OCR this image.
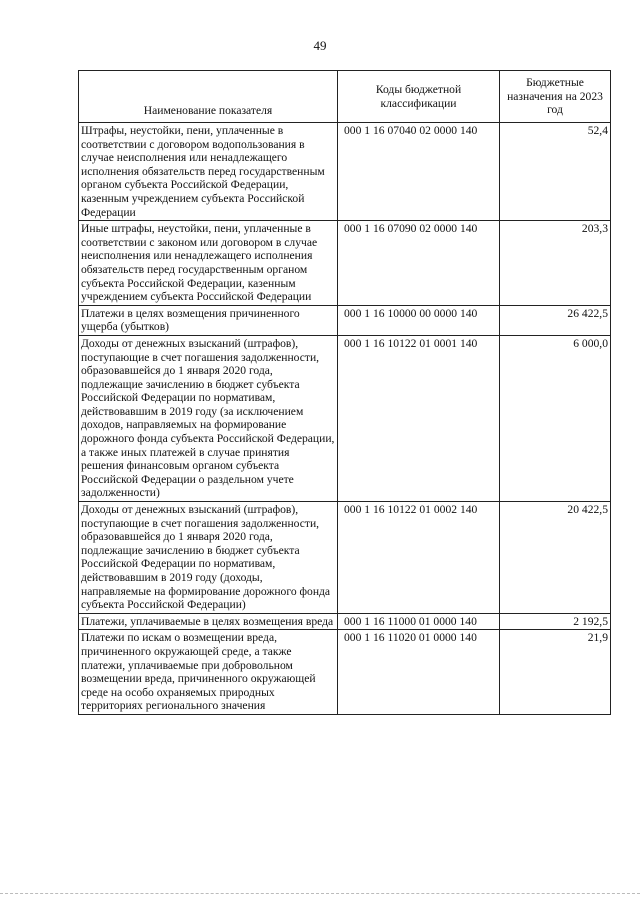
49
Наименование показателя	Коды бюджетной классификации	Бюджетные назначения на 2023 год
Штрафы, неустойки, пени, уплаченные в соответствии с договором водопользования в случае неисполнения или ненадлежащего исполнения обязательств перед государственным органом субъекта Российской Федерации, казенным учреждением субъекта Российской Федерации	000 1 16 07040 02 0000 140	52,4
Иные штрафы, неустойки, пени, уплаченные в соответствии с законом или договором в случае неисполнения или ненадлежащего исполнения обязательств перед государственным органом субъекта Российской Федерации, казенным учреждением субъекта Российской Федерации	000 1 16 07090 02 0000 140	203,3
Платежи в целях возмещения причиненного ущерба (убытков)	000 1 16 10000 00 0000 140	26 422,5
Доходы от денежных взысканий (штрафов), поступающие в счет погашения задолженности, образовавшейся до 1 января 2020 года, подлежащие зачислению в бюджет субъекта Российской Федерации по нормативам, действовавшим в 2019 году (за исключением доходов, направляемых на формирование дорожного фонда субъекта Российской Федерации, а также иных платежей в случае принятия решения финансовым органом субъекта Российской Федерации о раздельном учете задолженности)	000 1 16 10122 01 0001 140	6 000,0
Доходы от денежных взысканий (штрафов), поступающие в счет погашения задолженности, образовавшейся до 1 января 2020 года, подлежащие зачислению в бюджет субъекта Российской Федерации по нормативам, действовавшим в 2019 году (доходы, направляемые на формирование дорожного фонда субъекта Российской Федерации)	000 1 16 10122 01 0002 140	20 422,5
Платежи, уплачиваемые в целях возмещения вреда	000 1 16 11000 01 0000 140	2 192,5
Платежи по искам о возмещении вреда, причиненного окружающей среде, а также платежи, уплачиваемые при добровольном возмещении вреда, причиненного окружающей среде на особо охраняемых природных территориях регионального значения	000 1 16 11020 01 0000 140	21,9
